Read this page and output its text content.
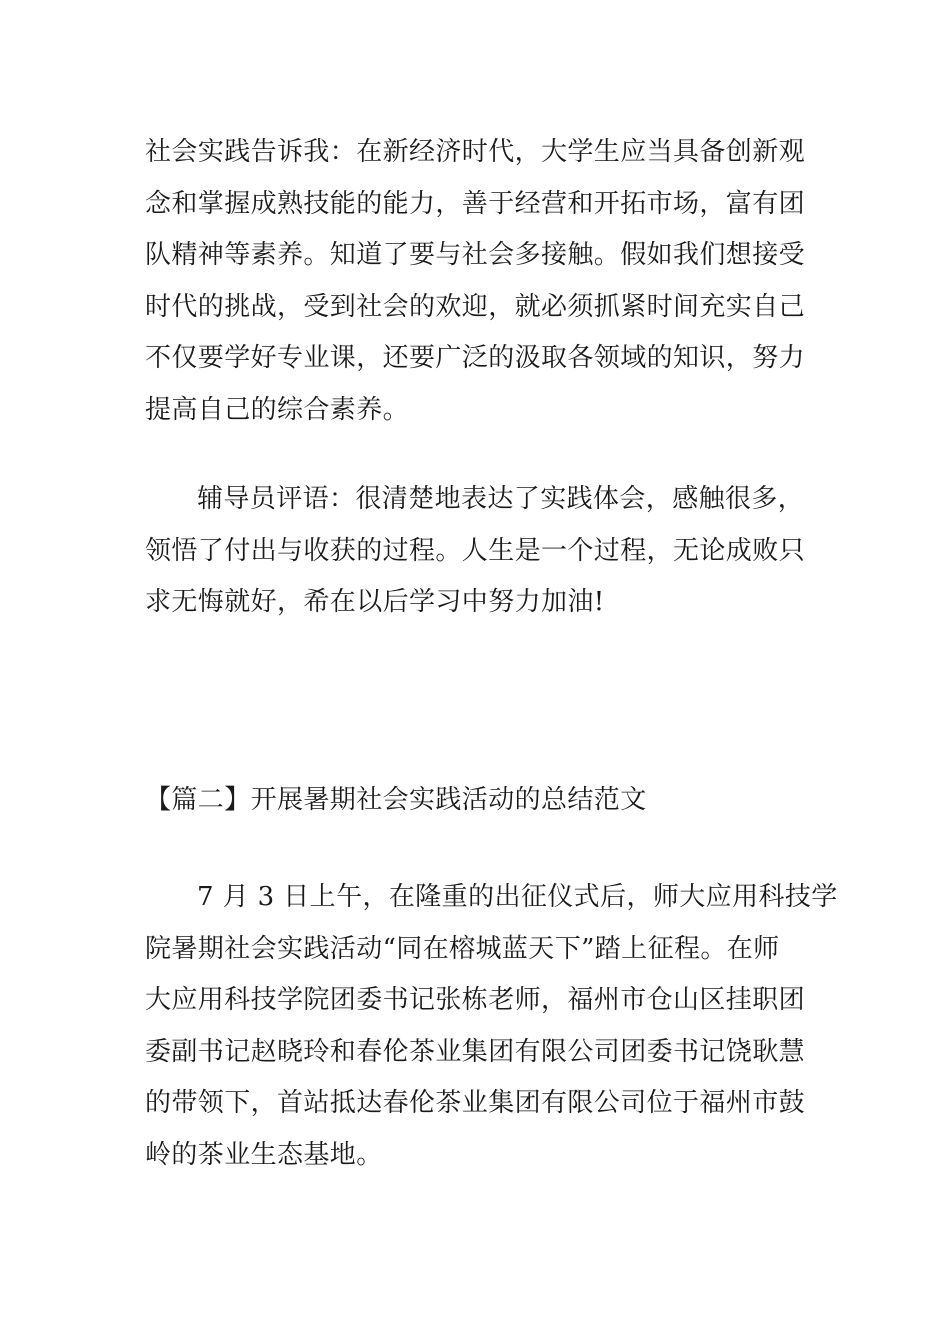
社会实践告诉我：在新经济时代，大学生应当具备创新观
念和掌握成熟技能的能力，善于经营和开拓市场，富有团
队精神等素养。知道了要与社会多接触。假如我们想接受
时代的挑战，受到社会的欢迎，就必须抓紧时间充实自己
不仅要学好专业课，还要广泛的汲取各领域的知识，努力
提高自己的综合素养。

辅导员评语：很清楚地表达了实践体会，感触很多，
领悟了付出与收获的过程。人生是一个过程，无论成败只
求无悔就好，希在以后学习中努力加油!

【篇二】开展暑期社会实践活动的总结范文

7 月 3 日上午，在隆重的出征仪式后，师大应用科技学
院暑期社会实践活动“同在榕城蓝天下”踏上征程。在师
大应用科技学院团委书记张栋老师，福州市仓山区挂职团
委副书记赵晓玲和春伦茶业集团有限公司团委书记饶耿慧
的带领下，首站抵达春伦茶业集团有限公司位于福州市鼓
岭的茶业生态基地。
